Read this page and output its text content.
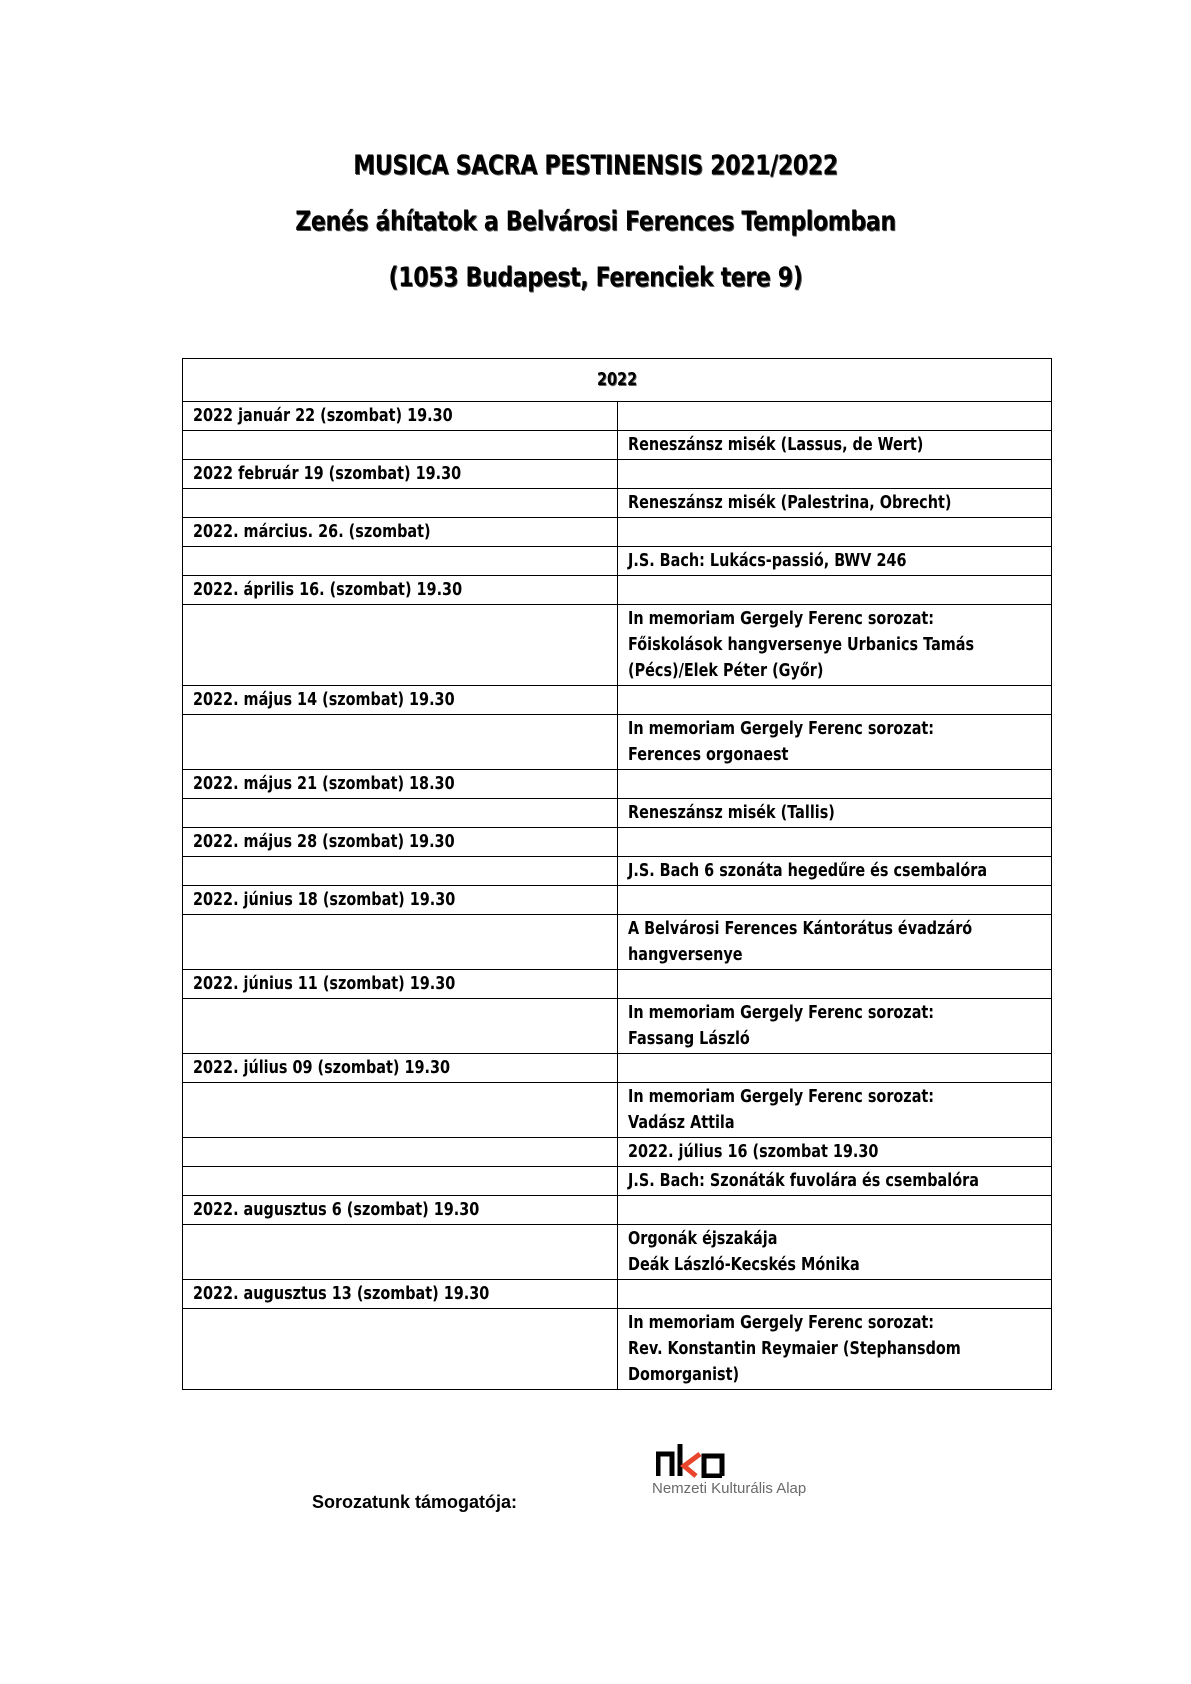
MUSICA SACRA PESTINENSIS 2021/2022
Zenés áhítatok a Belvárosi Ferences Templomban
(1053 Budapest, Ferenciek tere 9)
2022	
2022 január 22 (szombat) 19.30	
	Reneszánsz misék (Lassus, de Wert)
2022 február 19 (szombat) 19.30	
	Reneszánsz misék (Palestrina, Obrecht)
2022. március. 26. (szombat)	
	J.S. Bach: Lukács-passió, BWV 246
2022. április 16. (szombat) 19.30	
	In memoriam Gergely Ferenc sorozat:Főiskolások hangversenye Urbanics Tamás(Pécs)/Elek Péter (Győr)
2022. május 14 (szombat) 19.30	
	In memoriam Gergely Ferenc sorozat:Ferences orgonaest
2022. május 21 (szombat) 18.30	
	Reneszánsz misék (Tallis)
2022. május 28 (szombat) 19.30	
	J.S. Bach 6 szonáta hegedűre és csembalóra
2022. június 18 (szombat) 19.30	
	A Belvárosi Ferences Kántorátus évadzáróhangversenye
2022. június 11 (szombat) 19.30	
	In memoriam Gergely Ferenc sorozat:Fassang László
2022. július 09 (szombat) 19.30	
	In memoriam Gergely Ferenc sorozat:Vadász Attila
	2022. július 16 (szombat 19.30
	J.S. Bach: Szonáták fuvolára és csembalóra
2022. augusztus 6 (szombat) 19.30	
	Orgonák éjszakájaDeák László-Kecskés Mónika
2022. augusztus 13 (szombat) 19.30	
	In memoriam Gergely Ferenc sorozat:Rev. Konstantin Reymaier (StephansdomDomorganist)
Sorozatunk támogatója:
Nemzeti Kulturális Alap
